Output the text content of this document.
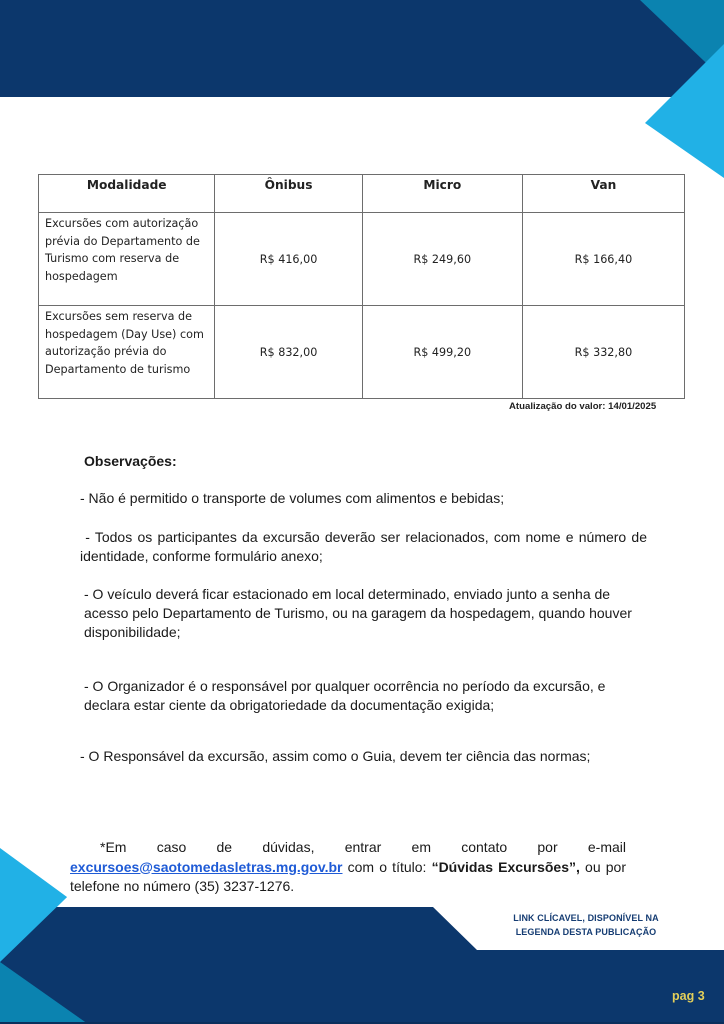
Modalidade	Ônibus	Micro	Van
Excursões com autorização prévia do Departamento de Turismo com reserva de hospedagem	R$ 416,00	R$ 249,60	R$ 166,40
Excursões sem reserva de hospedagem (Day Use) com autorização prévia do Departamento de turismo	R$ 832,00	R$ 499,20	R$ 332,80
Atualização do valor: 14/01/2025
Observações:
- Não é permitido o transporte de volumes com alimentos e bebidas;
- Todos os participantes da excursão deverão ser relacionados, com nome e número de identidade, conforme formulário anexo;
- O veículo deverá ficar estacionado em local determinado, enviado junto a senha de acesso pelo Departamento de Turismo, ou na garagem da hospedagem, quando houver disponibilidade;
- O Organizador é o responsável por qualquer ocorrência no período da excursão, e declara estar ciente da obrigatoriedade da documentação exigida;
- O Responsável da excursão, assim como o Guia, devem ter ciência das normas;
*Em caso de dúvidas, entrar em contato por e-mail
excursoes@saotomedasletras.mg.gov.br com o título: “Dúvidas Excursões”, ou por telefone no número (35) 3237-1276.
LINK CLÍCAVEL, DISPONÍVEL NA
LEGENDA DESTA PUBLICAÇÃO
pag 3
